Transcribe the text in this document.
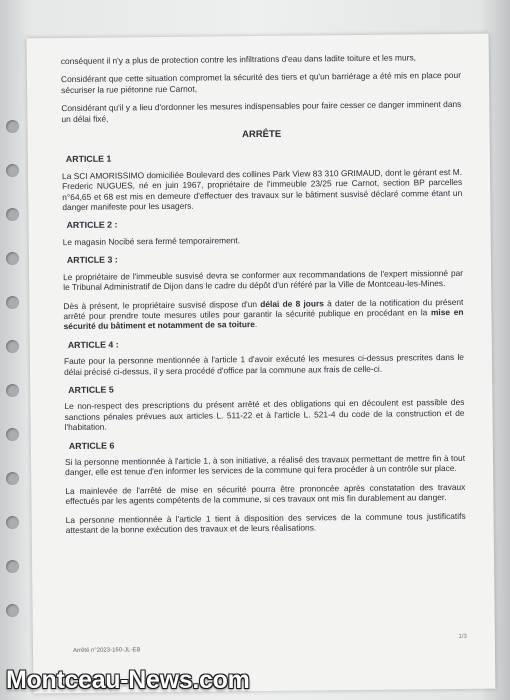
conséquent il n'y a plus de protection contre les infiltrations d'eau dans ladite toiture et les murs,

Considérant que cette situation compromet la sécurité des tiers et qu'un barriérage a été mis en place pour sécuriser la rue piétonne rue Carnot,

Considérant qu'il y a lieu d'ordonner les mesures indispensables pour faire cesser ce danger imminent dans un délai fixé,

ARRÊTE
ARTICLE 1

La SCI AMORISSIMO domiciliée Boulevard des collines Park View 83 310 GRIMAUD, dont le gérant est M. Frederic NUGUES, né en juin 1967, propriétaire de l'immeuble 23/25 rue Carnot, section BP parcelles n°64,65 et 68 est mis en demeure d'effectuer des travaux sur le bâtiment susvisé déclaré comme étant un danger manifeste pour les usagers.

ARTICLE 2 :

Le magasin Nocibé sera fermé temporairement.

ARTICLE 3 :

Le propriétaire de l'immeuble susvisé devra se conformer aux recommandations de l'expert missionné par le Tribunal Administratif de Dijon dans le cadre du dépôt d'un référé par la Ville de Montceau-les-Mines.

Dès à présent, le propriétaire susvisé dispose d'un délai de 8 jours à dater de la notification du présent arrêté pour prendre toute mesures utiles pour garantir la sécurité publique en procédant en la mise en sécurité du bâtiment et notamment de sa toiture.

ARTICLE 4 :

Faute pour la personne mentionnée à l'article 1 d'avoir exécuté les mesures ci-dessus prescrites dans le délai précisé ci-dessus, il y sera procédé d'office par la commune aux frais de celle-ci.

ARTICLE 5

Le non-respect des prescriptions du présent arrêté et des obligations qui en découlent est passible des sanctions pénales prévues aux articles L. 511-22 et à l'article L. 521-4 du code de la construction et de l'habitation.

ARTICLE 6

Si la personne mentionnée à l'article 1, à son initiative, a réalisé des travaux permettant de mettre fin à tout danger, elle est tenue d'en informer les services de la commune qui fera procéder à un contrôle sur place.

La mainlevée de l'arrêté de mise en sécurité pourra être prononcée après constatation des travaux effectués par les agents compétents de la commune, si ces travaux ont mis fin durablement au danger.

La personne mentionnée à l'article 1 tient à disposition des services de la commune tous justificatifs attestant de la bonne exécution des travaux et de leurs réalisations.

1/3
Arrêté n°2023-160-JL-EB
Montceau-News.com
